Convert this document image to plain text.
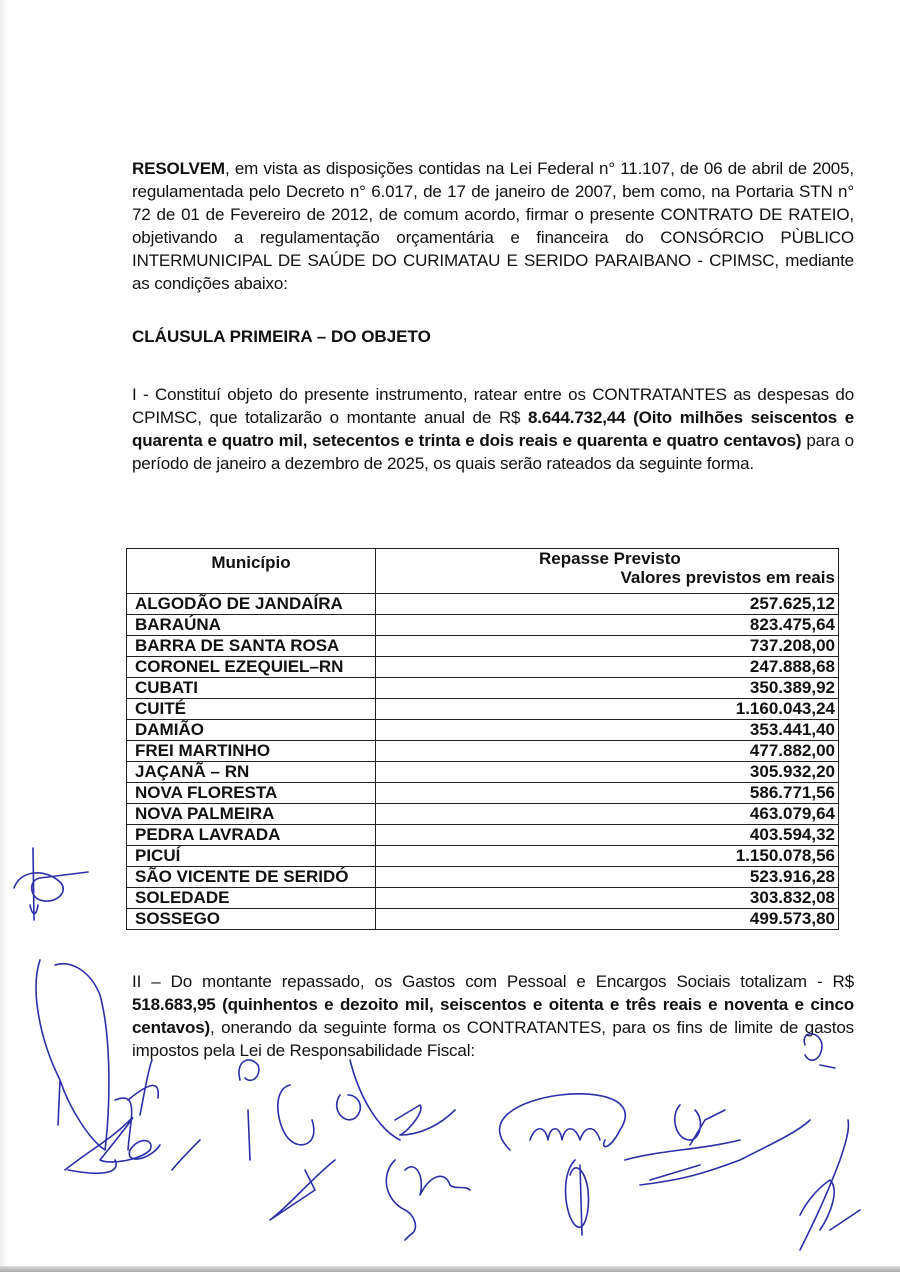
RESOLVEM, em vista as disposições contidas na Lei Federal n° 11.107, de 06 de abril de 2005, regulamentada pelo Decreto n° 6.017, de 17 de janeiro de 2007, bem como, na Portaria STN n° 72 de 01 de Fevereiro de 2012, de comum acordo, firmar o presente CONTRATO DE RATEIO, objetivando a regulamentação orçamentária e financeira do CONSÓRCIO PÙBLICO INTERMUNICIPAL DE SAÚDE DO CURIMATAU E SERIDO PARAIBANO - CPIMSC, mediante as condições abaixo:

CLÁUSULA PRIMEIRA – DO OBJETO

I - Constituí objeto do presente instrumento, ratear entre os CONTRATANTES as despesas do CPIMSC, que totalizarão o montante anual de R$ 8.644.732,44 (Oito milhões seiscentos e quarenta e quatro mil, setecentos e trinta e dois reais e quarenta e quatro centavos) para o período de janeiro a dezembro de 2025, os quais serão rateados da seguinte forma.

Município	Repasse Previsto
Valores previstos em reais

ALGODÃO DE JANDAÍRA	257.625,12
BARAÚNA	823.475,64
BARRA DE SANTA ROSA	737.208,00
CORONEL EZEQUIEL–RN	247.888,68
CUBATI	350.389,92
CUITÉ	1.160.043,24
DAMIÃO	353.441,40
FREI MARTINHO	477.882,00
JAÇANÃ – RN	305.932,20
NOVA FLORESTA	586.771,56
NOVA PALMEIRA	463.079,64
PEDRA LAVRADA	403.594,32
PICUÍ	1.150.078,56
SÃO VICENTE DE SERIDÓ	523.916,28
SOLEDADE	303.832,08
SOSSEGO	499.573,80

II – Do montante repassado, os Gastos com Pessoal e Encargos Sociais totalizam - R$ 518.683,95 (quinhentos e dezoito mil, seiscentos e oitenta e três reais e noventa e cinco centavos), onerando da seguinte forma os CONTRATANTES, para os fins de limite de gastos impostos pela Lei de Responsabilidade Fiscal:
